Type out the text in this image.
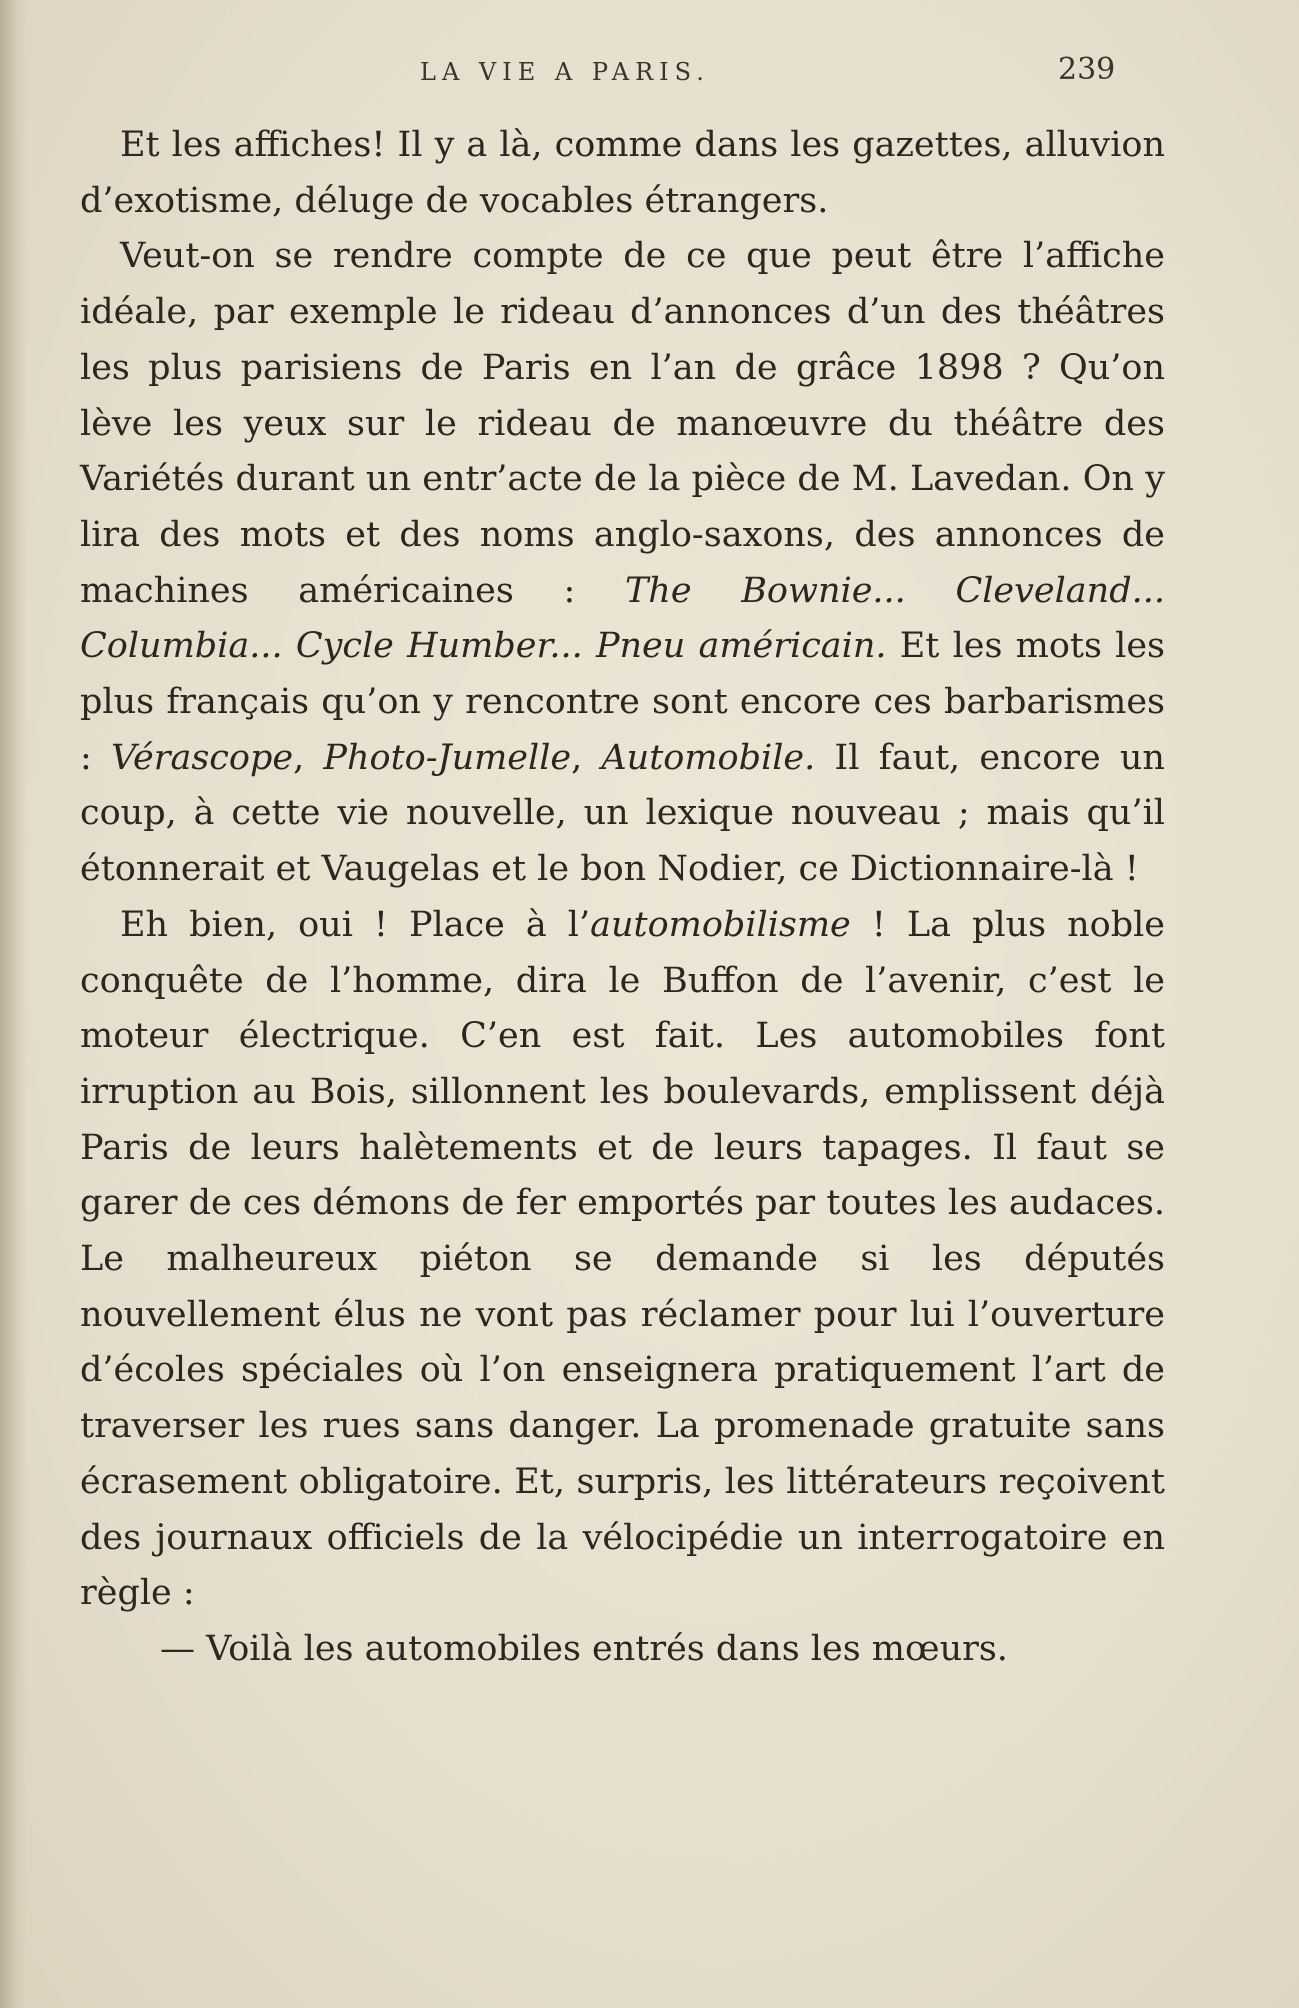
LA VIE A PARIS.	239

Et les affiches! Il y a là, comme dans les gazettes, alluvion d’exotisme, déluge de vocables étrangers.

Veut-on se rendre compte de ce que peut être l’affiche idéale, par exemple le rideau d’annonces d’un des théâtres les plus parisiens de Paris en l’an de grâce 1898 ? Qu’on lève les yeux sur le rideau de manœuvre du théâtre des Variétés durant un entr’acte de la pièce de M. Lavedan. On y lira des mots et des noms anglo-saxons, des annonces de machines américaines : The Bownie... Cleveland... Columbia... Cycle Humber... Pneu américain. Et les mots les plus français qu’on y rencontre sont encore ces barbarismes : Vérascope, Photo-Jumelle, Automobile. Il faut, encore un coup, à cette vie nouvelle, un lexique nouveau ; mais qu’il étonnerait et Vaugelas et le bon Nodier, ce Dictionnaire-là !

Eh bien, oui ! Place à l’automobilisme ! La plus noble conquête de l’homme, dira le Buffon de l’avenir, c’est le moteur électrique. C’en est fait. Les automobiles font irruption au Bois, sillonnent les boulevards, emplissent déjà Paris de leurs halètements et de leurs tapages. Il faut se garer de ces démons de fer emportés par toutes les audaces. Le malheureux piéton se demande si les députés nouvellement élus ne vont pas réclamer pour lui l’ouverture d’écoles spéciales où l’on enseignera pratiquement l’art de traverser les rues sans danger. La promenade gratuite sans écrasement obligatoire. Et, surpris, les littérateurs reçoivent des journaux officiels de la vélocipédie un interrogatoire en règle :

— Voilà les automobiles entrés dans les mœurs.
